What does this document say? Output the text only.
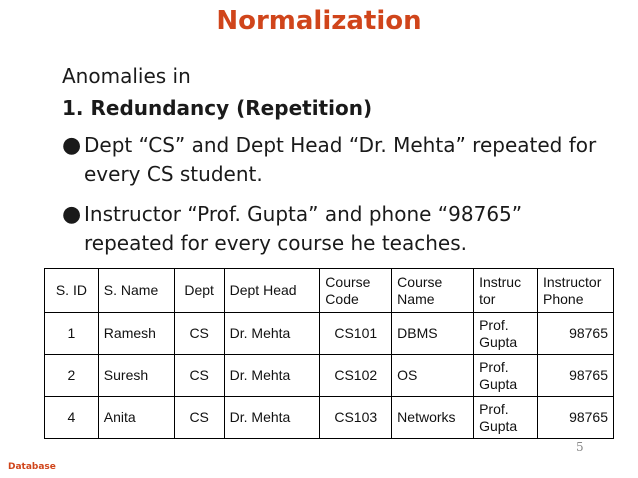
Normalization
Anomalies in
1. Redundancy (Repetition)
● Dept “CS” and Dept Head “Dr. Mehta” repeated for every CS student.
● Instructor “Prof. Gupta” and phone “98765” repeated for every course he teaches.
S. ID	S. Name	Dept	Dept Head	Course Code	Course Name	Instruc tor	Instructor Phone
1	Ramesh	CS	Dr. Mehta	CS101	DBMS	Prof. Gupta	98765
2	Suresh	CS	Dr. Mehta	CS102	OS	Prof. Gupta	98765
4	Anita	CS	Dr. Mehta	CS103	Networks	Prof. Gupta	98765
5
Database
